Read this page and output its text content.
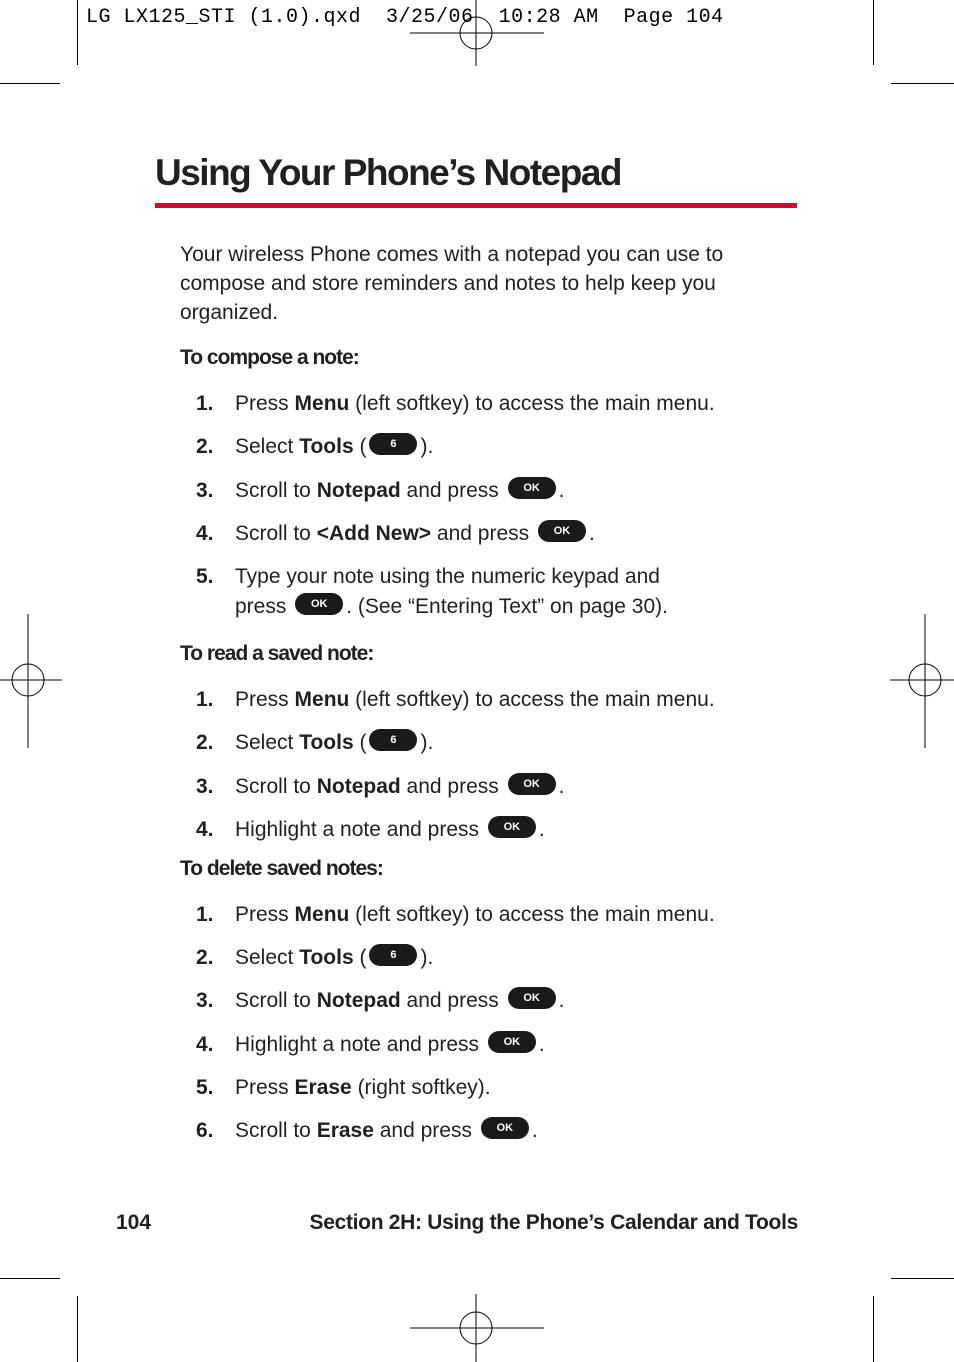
LG LX125_STI (1.0).qxd  3/25/06  10:28 AM  Page 104
Using Your Phone’s Notepad
Your wireless Phone comes with a notepad you can use to compose and store reminders and notes to help keep you organized.
To compose a note:
1. Press Menu (left softkey) to access the main menu.
2. Select Tools ( 6 ).
3. Scroll to Notepad and press OK .
4. Scroll to <Add New> and press OK .
5. Type your note using the numeric keypad and
press OK . (See “Entering Text” on page 30).
To read a saved note:
1. Press Menu (left softkey) to access the main menu.
2. Select Tools ( 6 ).
3. Scroll to Notepad and press OK .
4. Highlight a note and press OK .
To delete saved notes:
1. Press Menu (left softkey) to access the main menu.
2. Select Tools ( 6 ).
3. Scroll to Notepad and press OK .
4. Highlight a note and press OK .
5. Press Erase (right softkey).
6. Scroll to Erase and press OK .
104	Section 2H: Using the Phone’s Calendar and Tools
